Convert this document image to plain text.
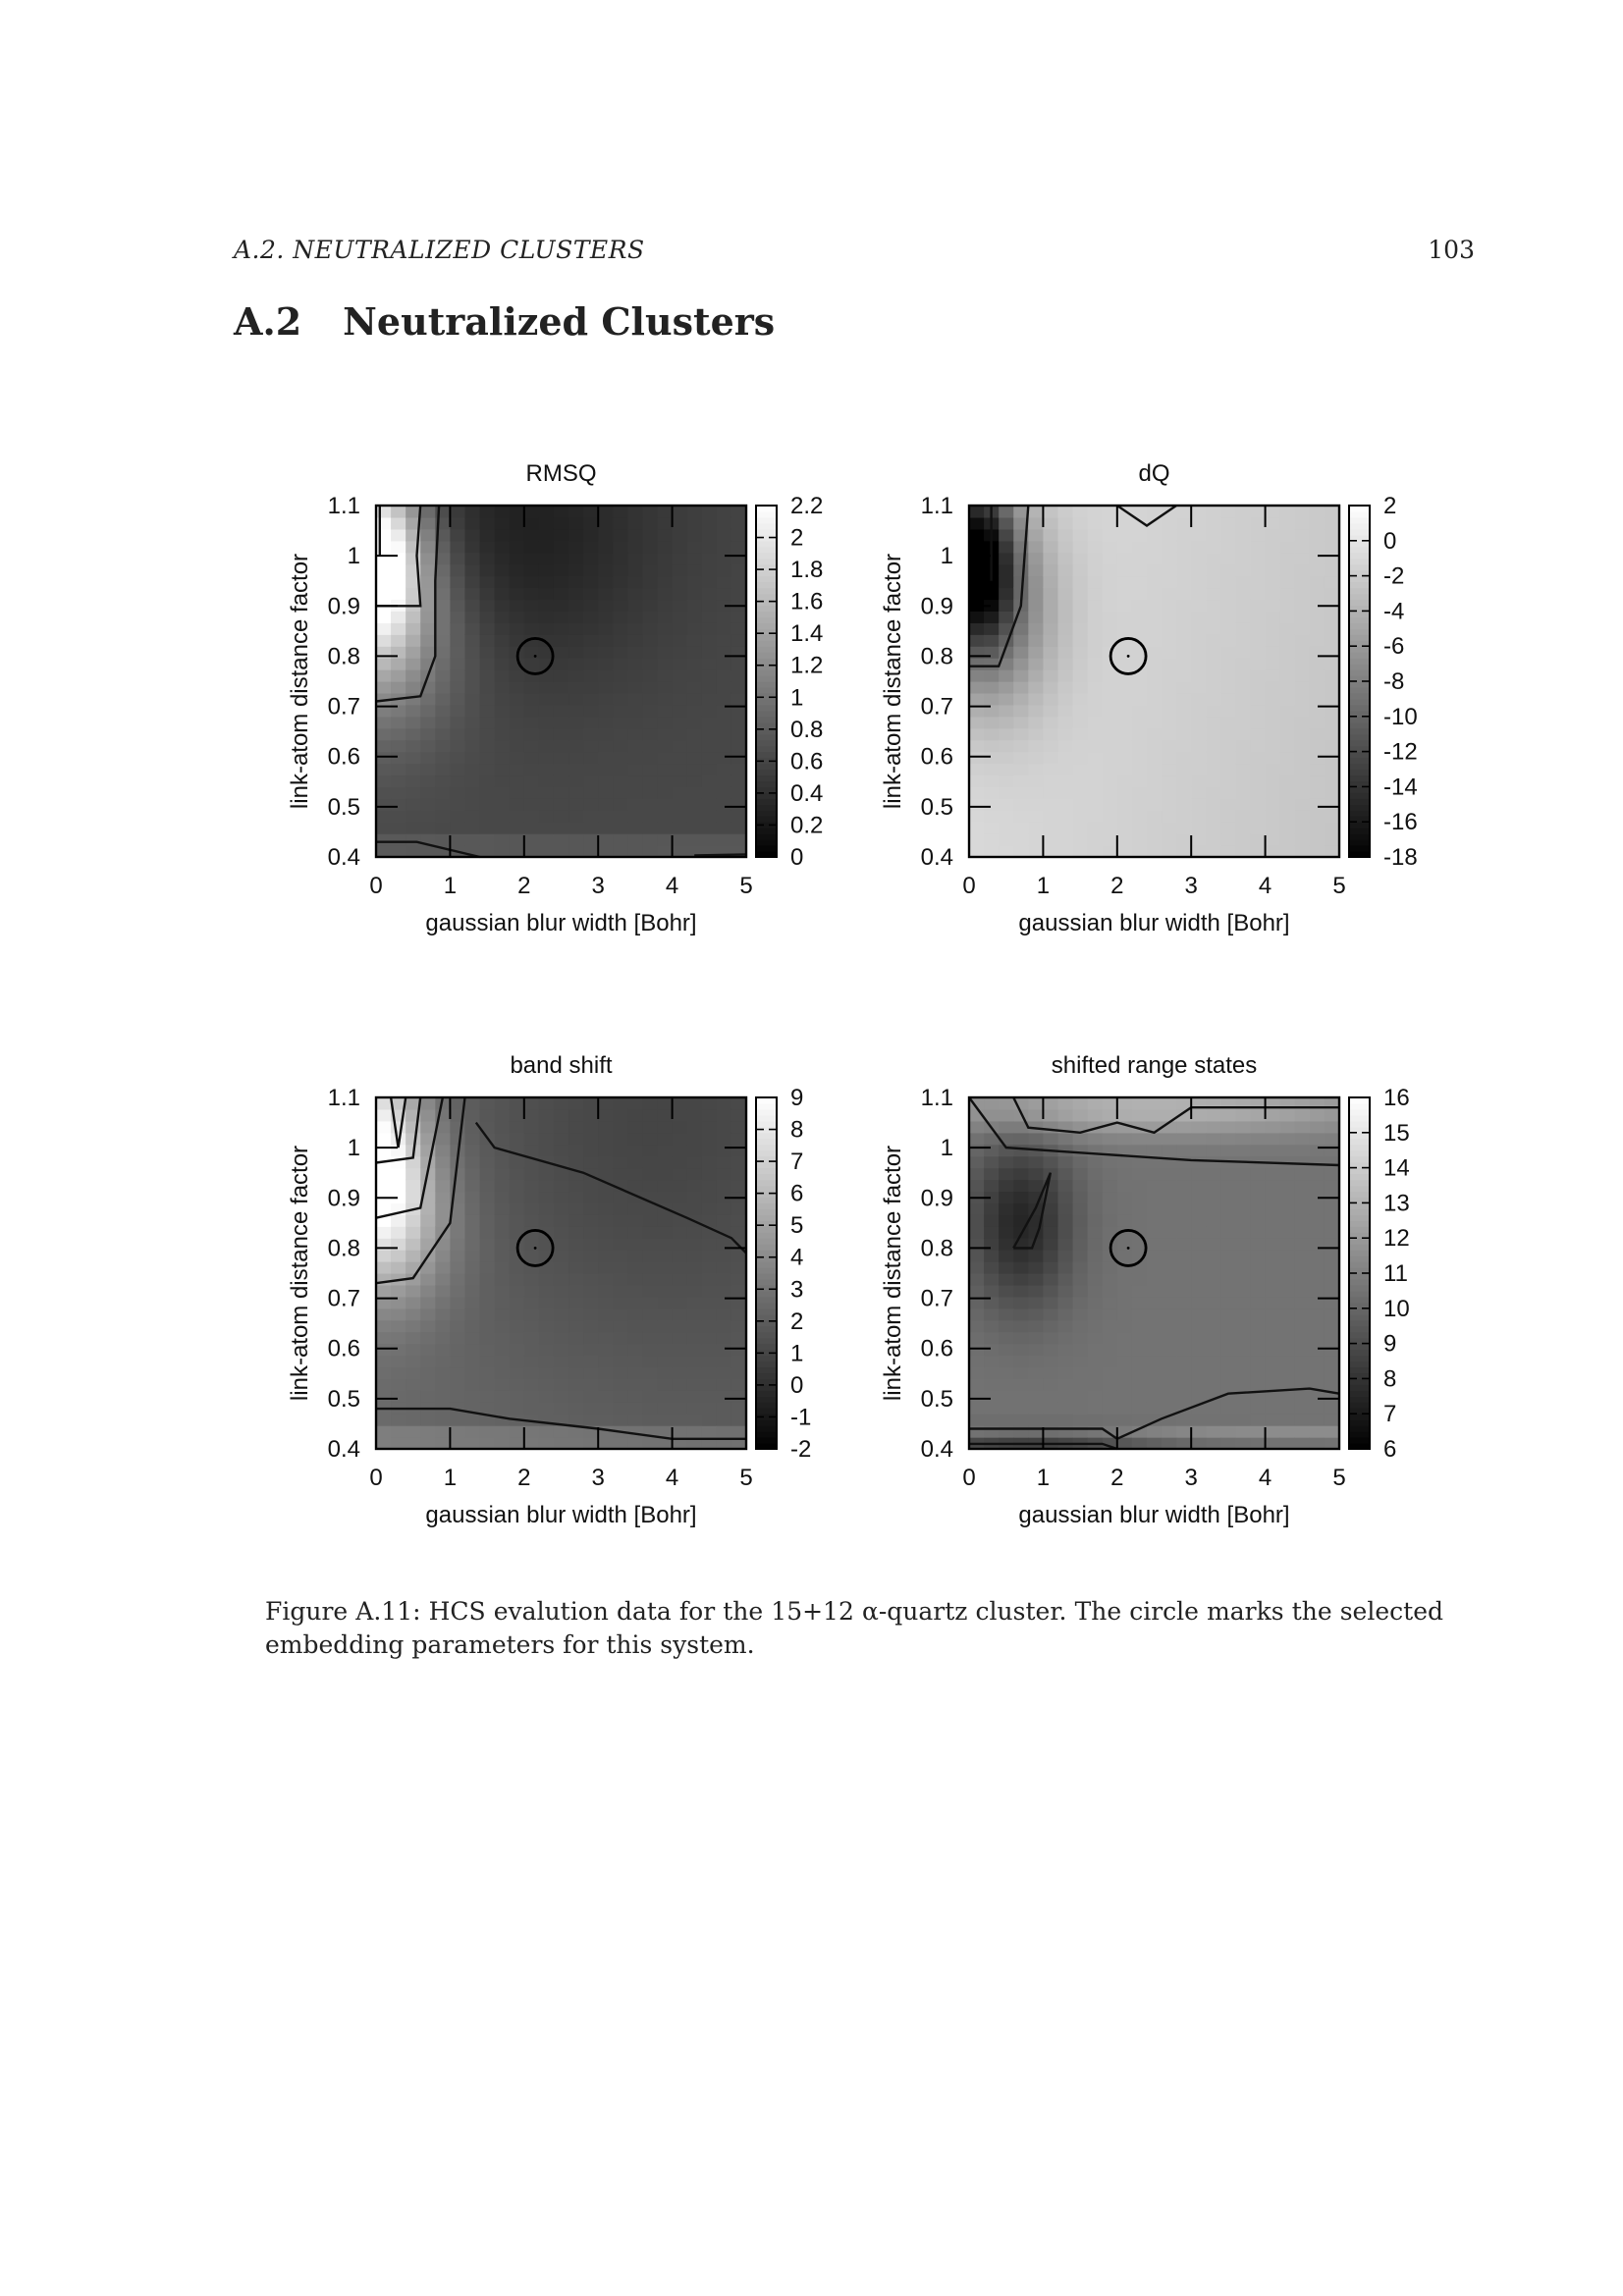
A.2. NEUTRALIZED CLUSTERS	103
A.2 Neutralized Clusters
0	1	2	3	4	5
0.4
0.5
0.6
0.7
0.8
0.9
1
1.1
RMSQ
gaussian blur width [Bohr]
link-atom distance factor
0
0.2
0.4
0.6
0.8
1
1.2
1.4
1.6
1.8
2
2.2
0	1	2	3	4	5
0.4
0.5
0.6
0.7
0.8
0.9
1
1.1
dQ
gaussian blur width [Bohr]
link-atom distance factor
-18
-16
-14
-12
-10
-8
-6
-4
-2
0
2
0	1	2	3	4	5
0.4
0.5
0.6
0.7
0.8
0.9
1
1.1
band shift
gaussian blur width [Bohr]
link-atom distance factor
-2
-1
0
1
2
3
4
5
6
7
8
9
0	1	2	3	4	5
0.4
0.5
0.6
0.7
0.8
0.9
1
1.1
shifted range states
gaussian blur width [Bohr]
link-atom distance factor
6
7
8
9
10
11
12
13
14
15
16
Figure A.11: HCS evalution data for the 15+12 α-quartz cluster. The circle marks the selected embedding parameters for this system.
